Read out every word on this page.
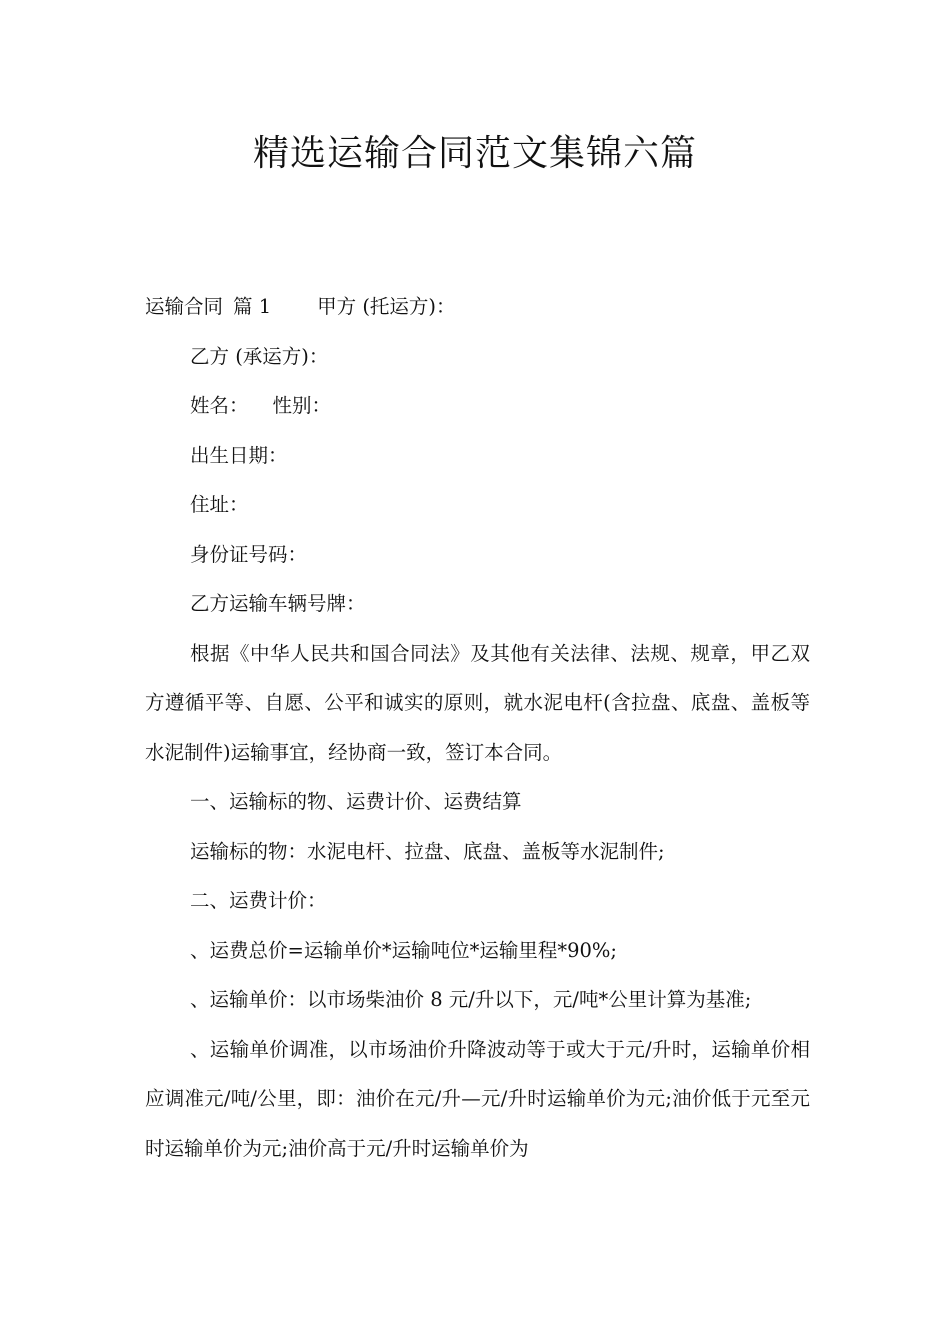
精选运输合同范文集锦六篇

运输合同 篇 1 甲方 (托运方)：

乙方 (承运方)：

姓名： 性别：

出生日期：

住址：

身份证号码：

乙方运输车辆号牌：

根据《中华人民共和国合同法》及其他有关法律、法规、规章，甲乙双方遵循平等、自愿、公平和诚实的原则，就水泥电杆(含拉盘、底盘、盖板等水泥制件)运输事宜，经协商一致，签订本合同。

一、运输标的物、运费计价、运费结算

运输标的物：水泥电杆、拉盘、底盘、盖板等水泥制件;

二、运费计价：

、运费总价=运输单价*运输吨位*运输里程*90%;

、运输单价：以市场柴油价 8 元/升以下，元/吨*公里计算为基准;

、运输单价调准，以市场油价升降波动等于或大于元/升时，运输单价相应调准元/吨/公里，即：油价在元/升—元/升时运输单价为元;油价低于元至元时运输单价为元;油价高于元/升时运输单价为
